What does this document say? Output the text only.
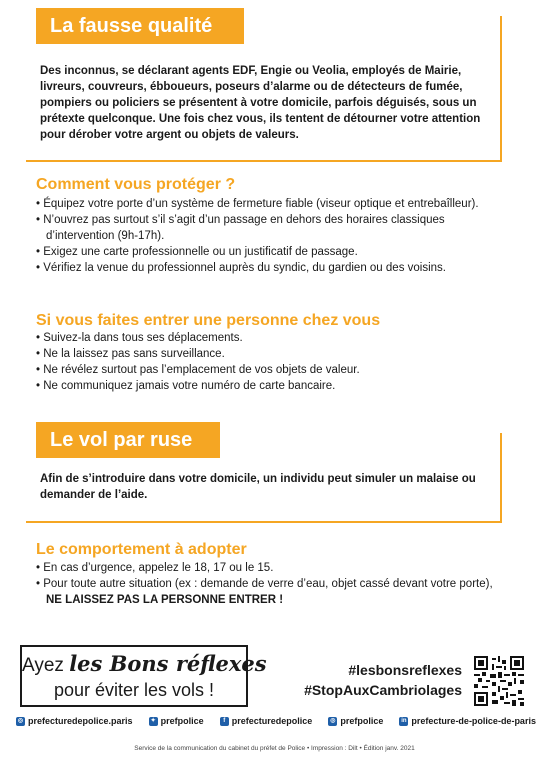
La fausse qualité
Des inconnus, se déclarant agents EDF, Engie ou Veolia, employés de Mairie, livreurs, couvreurs, ébboueurs, poseurs d’alarme ou de détecteurs de fumée, pompiers ou policiers se présentent à votre domicile, parfois déguisés, sous un prétexte quelconque. Une fois chez vous, ils tentent de détourner votre attention pour dérober votre argent ou objets de valeurs.
Comment vous protéger ?
• Équipez votre porte d’un système de fermeture fiable (viseur optique et entrebaîlleur).
• N’ouvrez pas surtout s’il s’agit d’un passage en dehors des horaires classiques d’intervention (9h-17h).
• Exigez une carte professionnelle ou un justificatif de passage.
• Vérifiez la venue du professionnel auprès du syndic, du gardien ou des voisins.
Si vous faites entrer une personne chez vous
• Suivez-la dans tous ses déplacements.
• Ne la laissez pas sans surveillance.
• Ne révélez surtout pas l’emplacement de vos objets de valeur.
• Ne communiquez jamais votre numéro de carte bancaire.
Le vol par ruse
Afin de s’introduire dans votre domicile, un individu peut simuler un malaise ou demander de l’aide.
Le comportement à adopter
• En cas d’urgence, appelez le 18, 17 ou le 15.
• Pour toute autre situation (ex : demande de verre d’eau, objet cassé devant votre porte), NE LAISSEZ PAS LA PERSONNE ENTRER !
Ayez les Bons réflexes
pour éviter les vols !
#lesbonsreflexes
#StopAuxCambriolages
◎ prefecturedepolice.paris	✦ prefpolice	f prefecturedepolice	◎ prefpolice	in prefecture-de-police-de-paris
Service de la communication du cabinet du préfet de Police • Impression : Dilt • Édition janv. 2021
